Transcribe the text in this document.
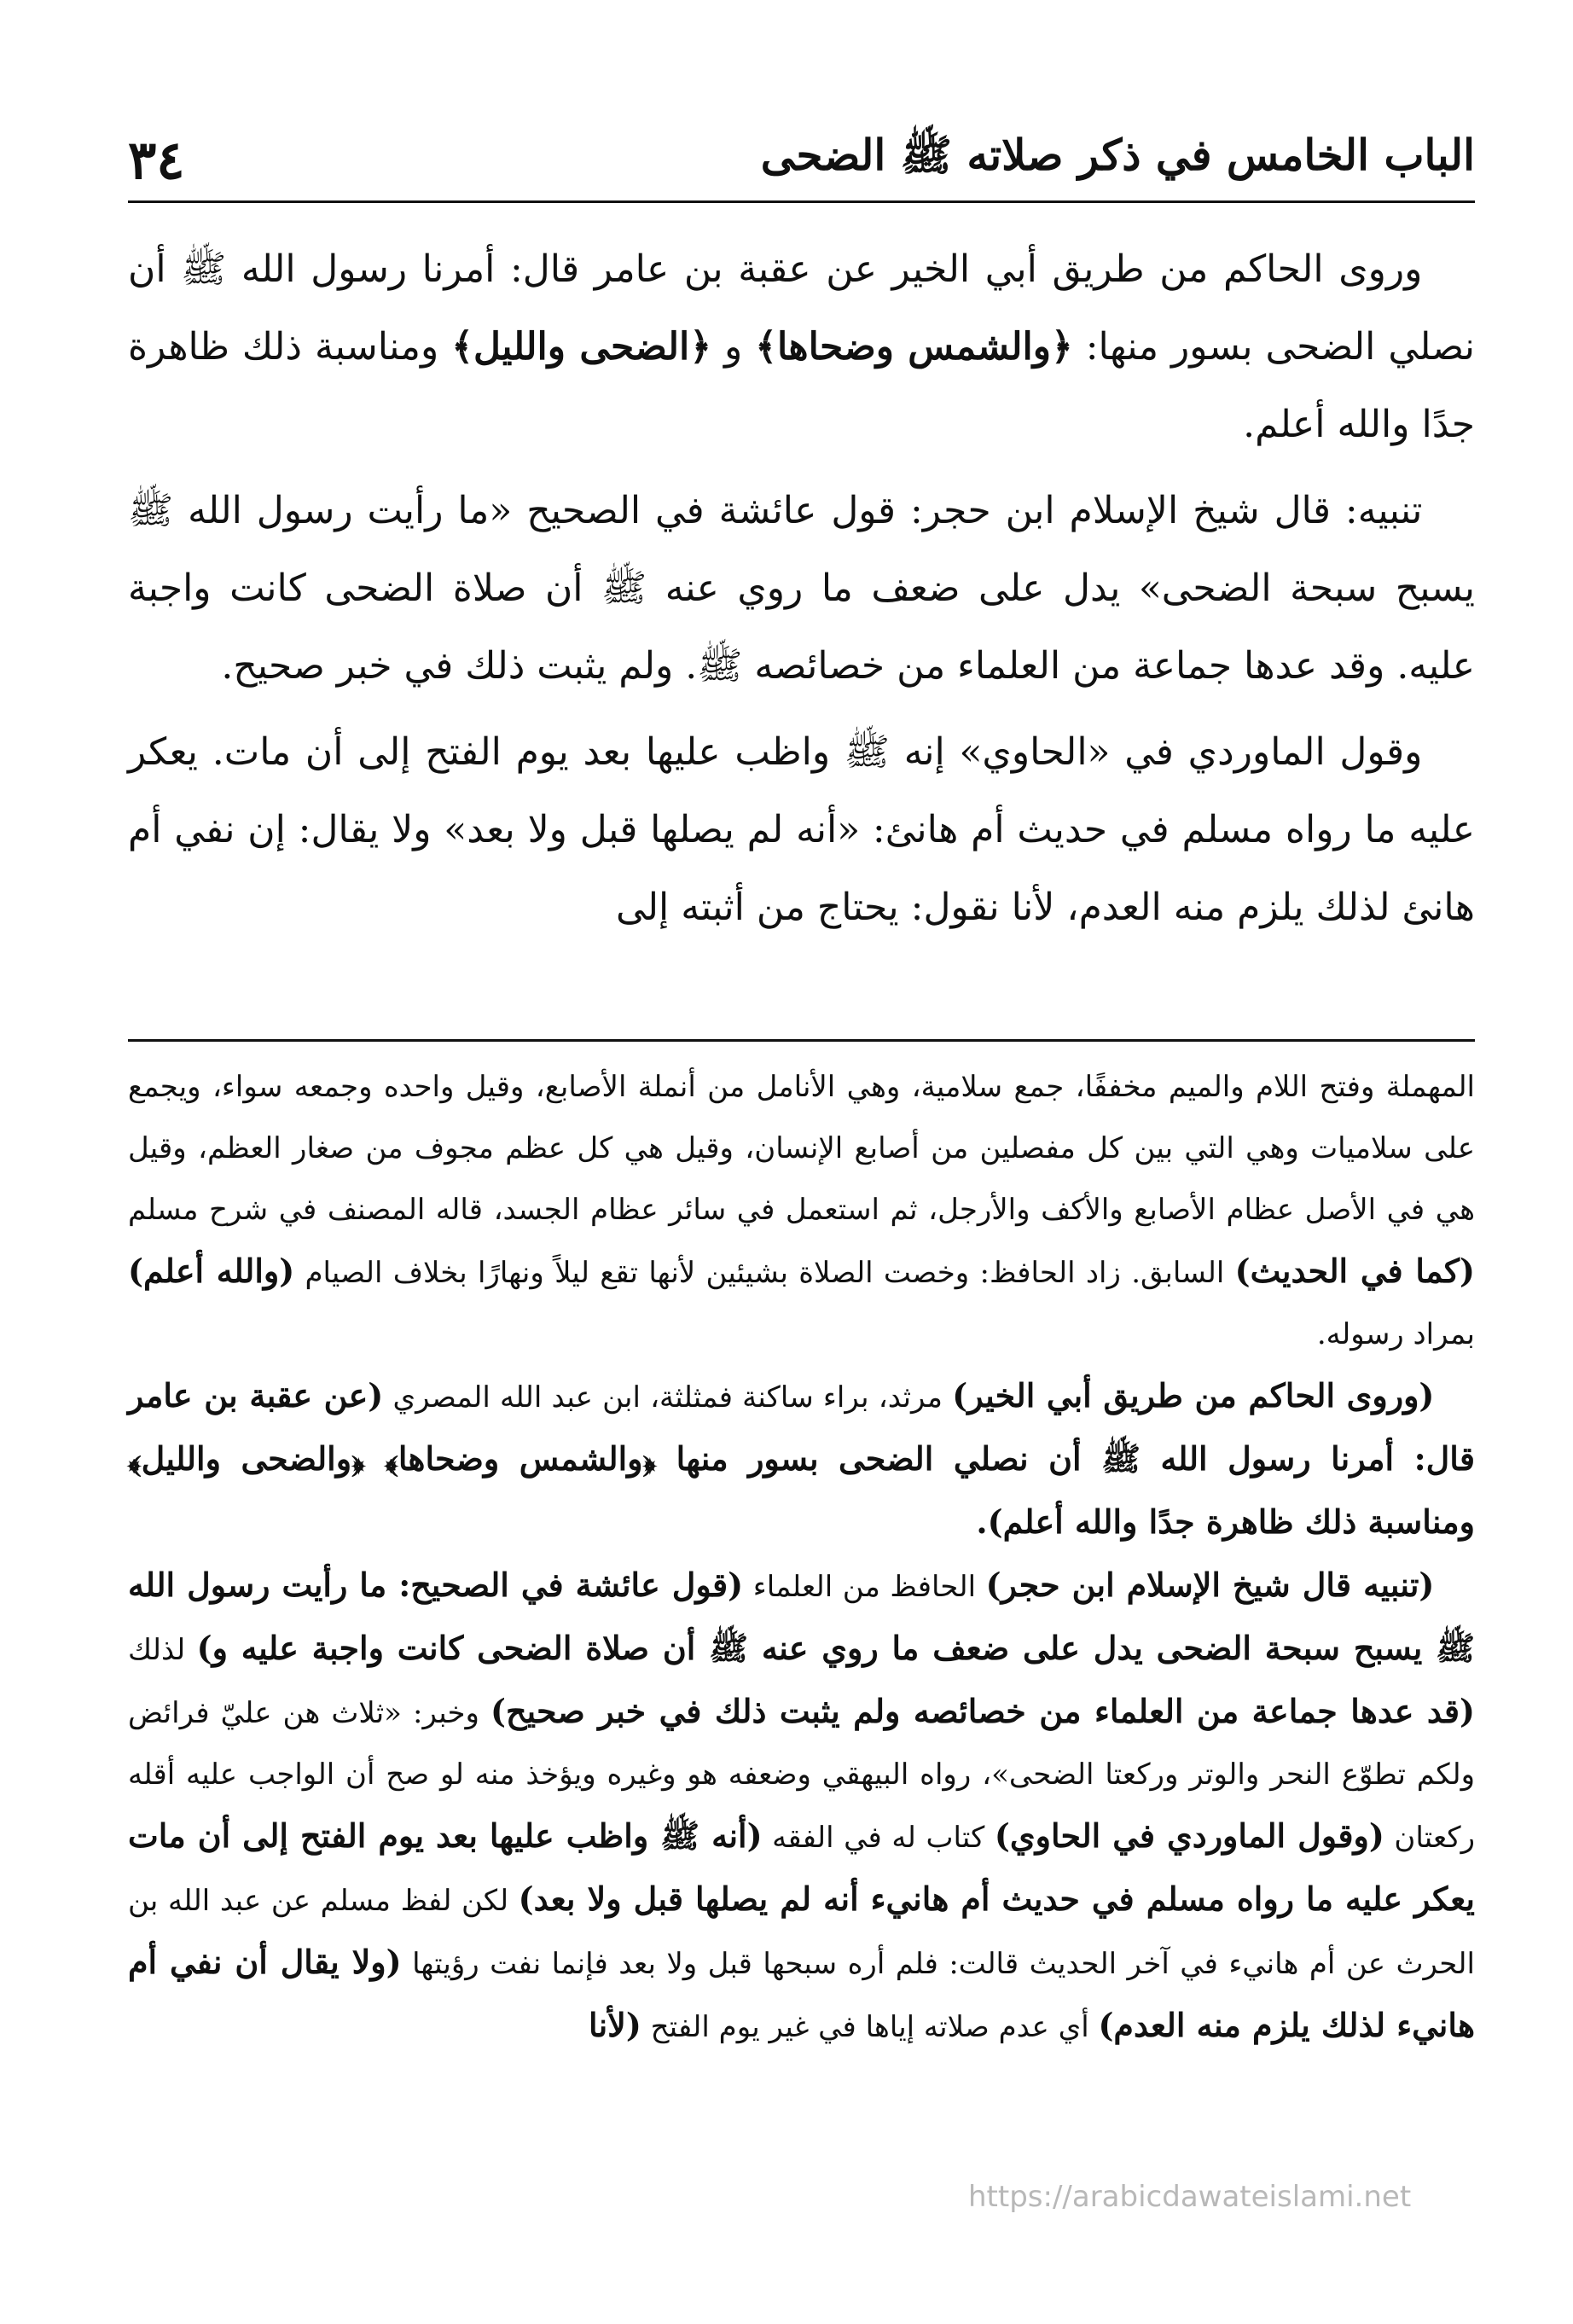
٣٤	الباب الخامس في ذكر صلاته ﷺ الضحى

وروى الحاكم من طريق أبي الخير عن عقبة بن عامر قال: أمرنا رسول الله ﷺ أن نصلي الضحى بسور منها: ﴿والشمس وضحاها﴾ و ﴿الضحى والليل﴾ ومناسبة ذلك ظاهرة جدًا والله أعلم.

تنبيه: قال شيخ الإسلام ابن حجر: قول عائشة في الصحيح «ما رأيت رسول الله ﷺ يسبح سبحة الضحى» يدل على ضعف ما روي عنه ﷺ أن صلاة الضحى كانت واجبة عليه. وقد عدها جماعة من العلماء من خصائصه ﷺ. ولم يثبت ذلك في خبر صحيح.

وقول الماوردي في «الحاوي» إنه ﷺ واظب عليها بعد يوم الفتح إلى أن مات. يعكر عليه ما رواه مسلم في حديث أم هانئ: «أنه لم يصلها قبل ولا بعد» ولا يقال: إن نفي أم هانئ لذلك يلزم منه العدم، لأنا نقول: يحتاج من أثبته إلى

المهملة وفتح اللام والميم مخففًا، جمع سلامية، وهي الأنامل من أنملة الأصابع، وقيل واحده وجمعه سواء، ويجمع على سلاميات وهي التي بين كل مفصلين من أصابع الإنسان، وقيل هي كل عظم مجوف من صغار العظم، وقيل هي في الأصل عظام الأصابع والأكف والأرجل، ثم استعمل في سائر عظام الجسد، قاله المصنف في شرح مسلم (كما في الحديث) السابق. زاد الحافظ: وخصت الصلاة بشيئين لأنها تقع ليلاً ونهارًا بخلاف الصيام (والله أعلم) بمراد رسوله.

(وروى الحاكم من طريق أبي الخير) مرثد، براء ساكنة فمثلثة، ابن عبد الله المصري (عن عقبة بن عامر قال: أمرنا رسول الله ﷺ أن نصلي الضحى بسور منها ﴿والشمس وضحاها﴾ ﴿والضحى والليل﴾ ومناسبة ذلك ظاهرة جدًا والله أعلم).

(تنبيه قال شيخ الإسلام ابن حجر) الحافظ من العلماء (قول عائشة في الصحيح: ما رأيت رسول الله ﷺ يسبح سبحة الضحى يدل على ضعف ما روي عنه ﷺ أن صلاة الضحى كانت واجبة عليه و) لذلك (قد عدها جماعة من العلماء من خصائصه ولم يثبت ذلك في خبر صحيح) وخبر: «ثلاث هن عليّ فرائض ولكم تطوّع النحر والوتر وركعتا الضحى»، رواه البيهقي وضعفه هو وغيره ويؤخذ منه لو صح أن الواجب عليه أقله ركعتان (وقول الماوردي في الحاوي) كتاب له في الفقه (أنه ﷺ واظب عليها بعد يوم الفتح إلى أن مات يعكر عليه ما رواه مسلم في حديث أم هانيء أنه لم يصلها قبل ولا بعد) لكن لفظ مسلم عن عبد الله بن الحرث عن أم هانيء في آخر الحديث قالت: فلم أره سبحها قبل ولا بعد فإنما نفت رؤيتها (ولا يقال أن نفي أم هانيء لذلك يلزم منه العدم) أي عدم صلاته إياها في غير يوم الفتح (لأنا

https://arabicdawateislami.net
